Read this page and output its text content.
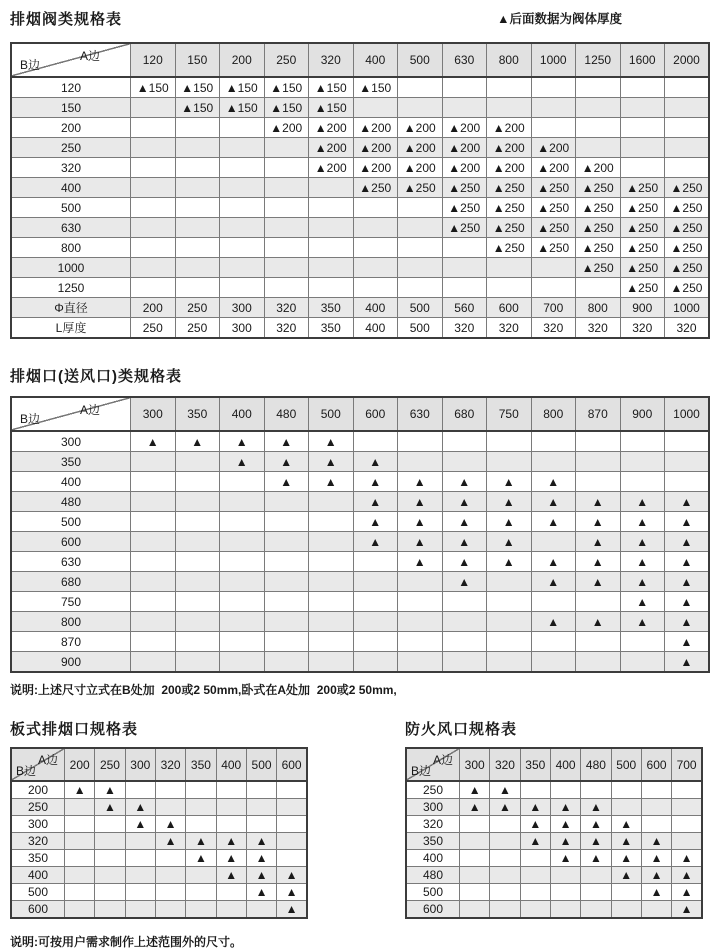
排烟阀类规格表	▲后面数据为阀体厚度
A边
B边	120	150	200	250	320	400	500	630	800	1000	1250	1600	2000
120	▲150	▲150	▲150	▲150	▲150	▲150							
150		▲150	▲150	▲150	▲150								
200				▲200	▲200	▲200	▲200	▲200	▲200				
250					▲200	▲200	▲200	▲200	▲200	▲200			
320					▲200	▲200	▲200	▲200	▲200	▲200	▲200		
400						▲250	▲250	▲250	▲250	▲250	▲250	▲250	▲250
500								▲250	▲250	▲250	▲250	▲250	▲250
630								▲250	▲250	▲250	▲250	▲250	▲250
800									▲250	▲250	▲250	▲250	▲250
1000											▲250	▲250	▲250
1250												▲250	▲250
Φ直径	200	250	300	320	350	400	500	560	600	700	800	900	1000
L厚度	250	250	300	320	350	400	500	320	320	320	320	320	320
排烟口(送风口)类规格表
A边
B边	300	350	400	480	500	600	630	680	750	800	870	900	1000
300	▲	▲	▲	▲	▲								
350			▲	▲	▲	▲							
400				▲	▲	▲	▲	▲	▲	▲			
480						▲	▲	▲	▲	▲	▲	▲	▲
500						▲	▲	▲	▲	▲	▲	▲	▲
600						▲	▲	▲	▲		▲	▲	▲
630							▲	▲	▲	▲	▲	▲	▲
680								▲		▲	▲	▲	▲
750												▲	▲
800										▲	▲	▲	▲
870													▲
900													▲
说明:上述尺寸立式在B处加  200或2 50mm,卧式在A处加  200或2 50mm,
板式排烟口规格表
A边
B边	200	250	300	320	350	400	500	600
200	▲	▲						
250		▲	▲					
300			▲	▲				
320				▲	▲	▲	▲	
350					▲	▲	▲	
400						▲	▲	▲
500							▲	▲
600								▲
防火风口规格表
A边
B边	300	320	350	400	480	500	600	700
250	▲	▲						
300	▲	▲	▲	▲	▲			
320			▲	▲	▲	▲		
350			▲	▲	▲	▲	▲	
400				▲	▲	▲	▲	▲
480						▲	▲	▲
500							▲	▲
600								▲
说明:可按用户需求制作上述范围外的尺寸。
